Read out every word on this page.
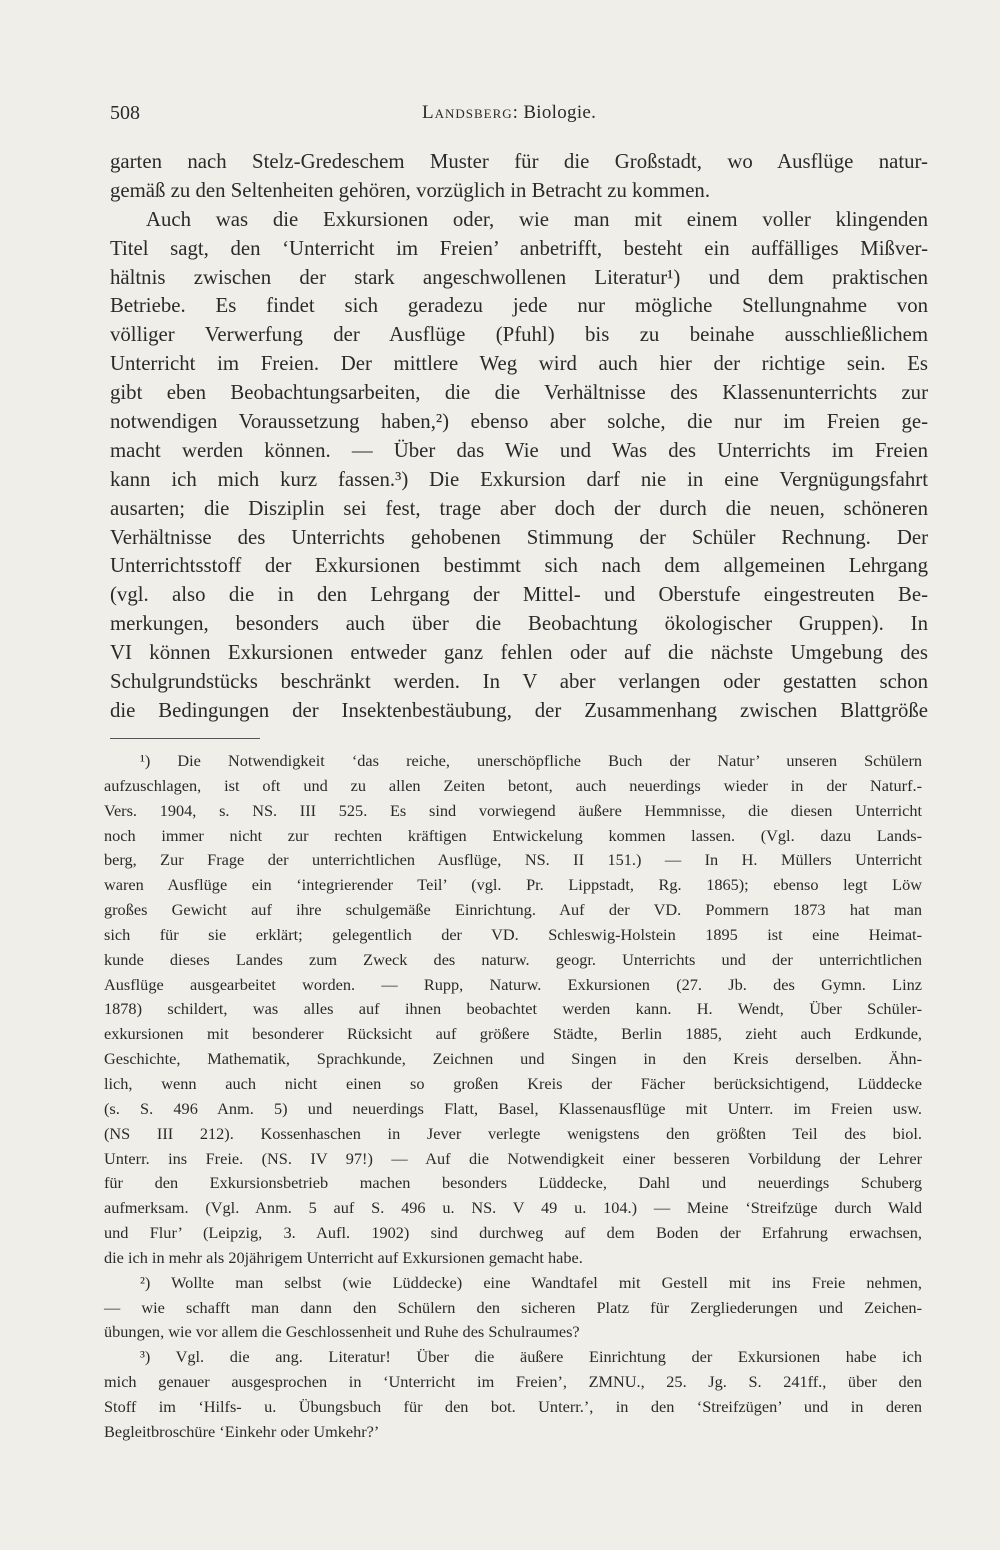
508	Landsberg: Biologie.
garten nach Stelz-Gredeschem Muster für die Großstadt, wo Ausflüge natur-
gemäß zu den Seltenheiten gehören, vorzüglich in Betracht zu kommen.
Auch was die Exkursionen oder, wie man mit einem voller klingenden
Titel sagt, den ‘Unterricht im Freien’ anbetrifft, besteht ein auffälliges Mißver-
hältnis zwischen der stark angeschwollenen Literatur¹) und dem praktischen
Betriebe. Es findet sich geradezu jede nur mögliche Stellungnahme von
völliger Verwerfung der Ausflüge (Pfuhl) bis zu beinahe ausschließlichem
Unterricht im Freien. Der mittlere Weg wird auch hier der richtige sein. Es
gibt eben Beobachtungsarbeiten, die die Verhältnisse des Klassenunterrichts zur
notwendigen Voraussetzung haben,²) ebenso aber solche, die nur im Freien ge-
macht werden können. — Über das Wie und Was des Unterrichts im Freien
kann ich mich kurz fassen.³) Die Exkursion darf nie in eine Vergnügungsfahrt
ausarten; die Disziplin sei fest, trage aber doch der durch die neuen, schöneren
Verhältnisse des Unterrichts gehobenen Stimmung der Schüler Rechnung. Der
Unterrichtsstoff der Exkursionen bestimmt sich nach dem allgemeinen Lehrgang
(vgl. also die in den Lehrgang der Mittel- und Oberstufe eingestreuten Be-
merkungen, besonders auch über die Beobachtung ökologischer Gruppen). In
VI können Exkursionen entweder ganz fehlen oder auf die nächste Umgebung des
Schulgrundstücks beschränkt werden. In V aber verlangen oder gestatten schon
die Bedingungen der Insektenbestäubung, der Zusammenhang zwischen Blattgröße
¹) Die Notwendigkeit ‘das reiche, unerschöpfliche Buch der Natur’ unseren Schülern
aufzuschlagen, ist oft und zu allen Zeiten betont, auch neuerdings wieder in der Naturf.-
Vers. 1904, s. NS. III 525. Es sind vorwiegend äußere Hemmnisse, die diesen Unterricht
noch immer nicht zur rechten kräftigen Entwickelung kommen lassen. (Vgl. dazu Lands-
berg, Zur Frage der unterrichtlichen Ausflüge, NS. II 151.) — In H. Müllers Unterricht
waren Ausflüge ein ‘integrierender Teil’ (vgl. Pr. Lippstadt, Rg. 1865); ebenso legt Löw
großes Gewicht auf ihre schulgemäße Einrichtung. Auf der VD. Pommern 1873 hat man
sich für sie erklärt; gelegentlich der VD. Schleswig-Holstein 1895 ist eine Heimat-
kunde dieses Landes zum Zweck des naturw. geogr. Unterrichts und der unterrichtlichen
Ausflüge ausgearbeitet worden. — Rupp, Naturw. Exkursionen (27. Jb. des Gymn. Linz
1878) schildert, was alles auf ihnen beobachtet werden kann. H. Wendt, Über Schüler-
exkursionen mit besonderer Rücksicht auf größere Städte, Berlin 1885, zieht auch Erdkunde,
Geschichte, Mathematik, Sprachkunde, Zeichnen und Singen in den Kreis derselben. Ähn-
lich, wenn auch nicht einen so großen Kreis der Fächer berücksichtigend, Lüddecke
(s. S. 496 Anm. 5) und neuerdings Flatt, Basel, Klassenausflüge mit Unterr. im Freien usw.
(NS III 212). Kossenhaschen in Jever verlegte wenigstens den größten Teil des biol.
Unterr. ins Freie. (NS. IV 97!) — Auf die Notwendigkeit einer besseren Vorbildung der Lehrer
für den Exkursionsbetrieb machen besonders Lüddecke, Dahl und neuerdings Schuberg
aufmerksam. (Vgl. Anm. 5 auf S. 496 u. NS. V 49 u. 104.) — Meine ‘Streifzüge durch Wald
und Flur’ (Leipzig, 3. Aufl. 1902) sind durchweg auf dem Boden der Erfahrung erwachsen,
die ich in mehr als 20jährigem Unterricht auf Exkursionen gemacht habe.
²) Wollte man selbst (wie Lüddecke) eine Wandtafel mit Gestell mit ins Freie nehmen,
— wie schafft man dann den Schülern den sicheren Platz für Zergliederungen und Zeichen-
übungen, wie vor allem die Geschlossenheit und Ruhe des Schulraumes?
³) Vgl. die ang. Literatur! Über die äußere Einrichtung der Exkursionen habe ich
mich genauer ausgesprochen in ‘Unterricht im Freien’, ZMNU., 25. Jg. S. 241ff., über den
Stoff im ‘Hilfs- u. Übungsbuch für den bot. Unterr.’, in den ‘Streifzügen’ und in deren
Begleitbroschüre ‘Einkehr oder Umkehr?’
